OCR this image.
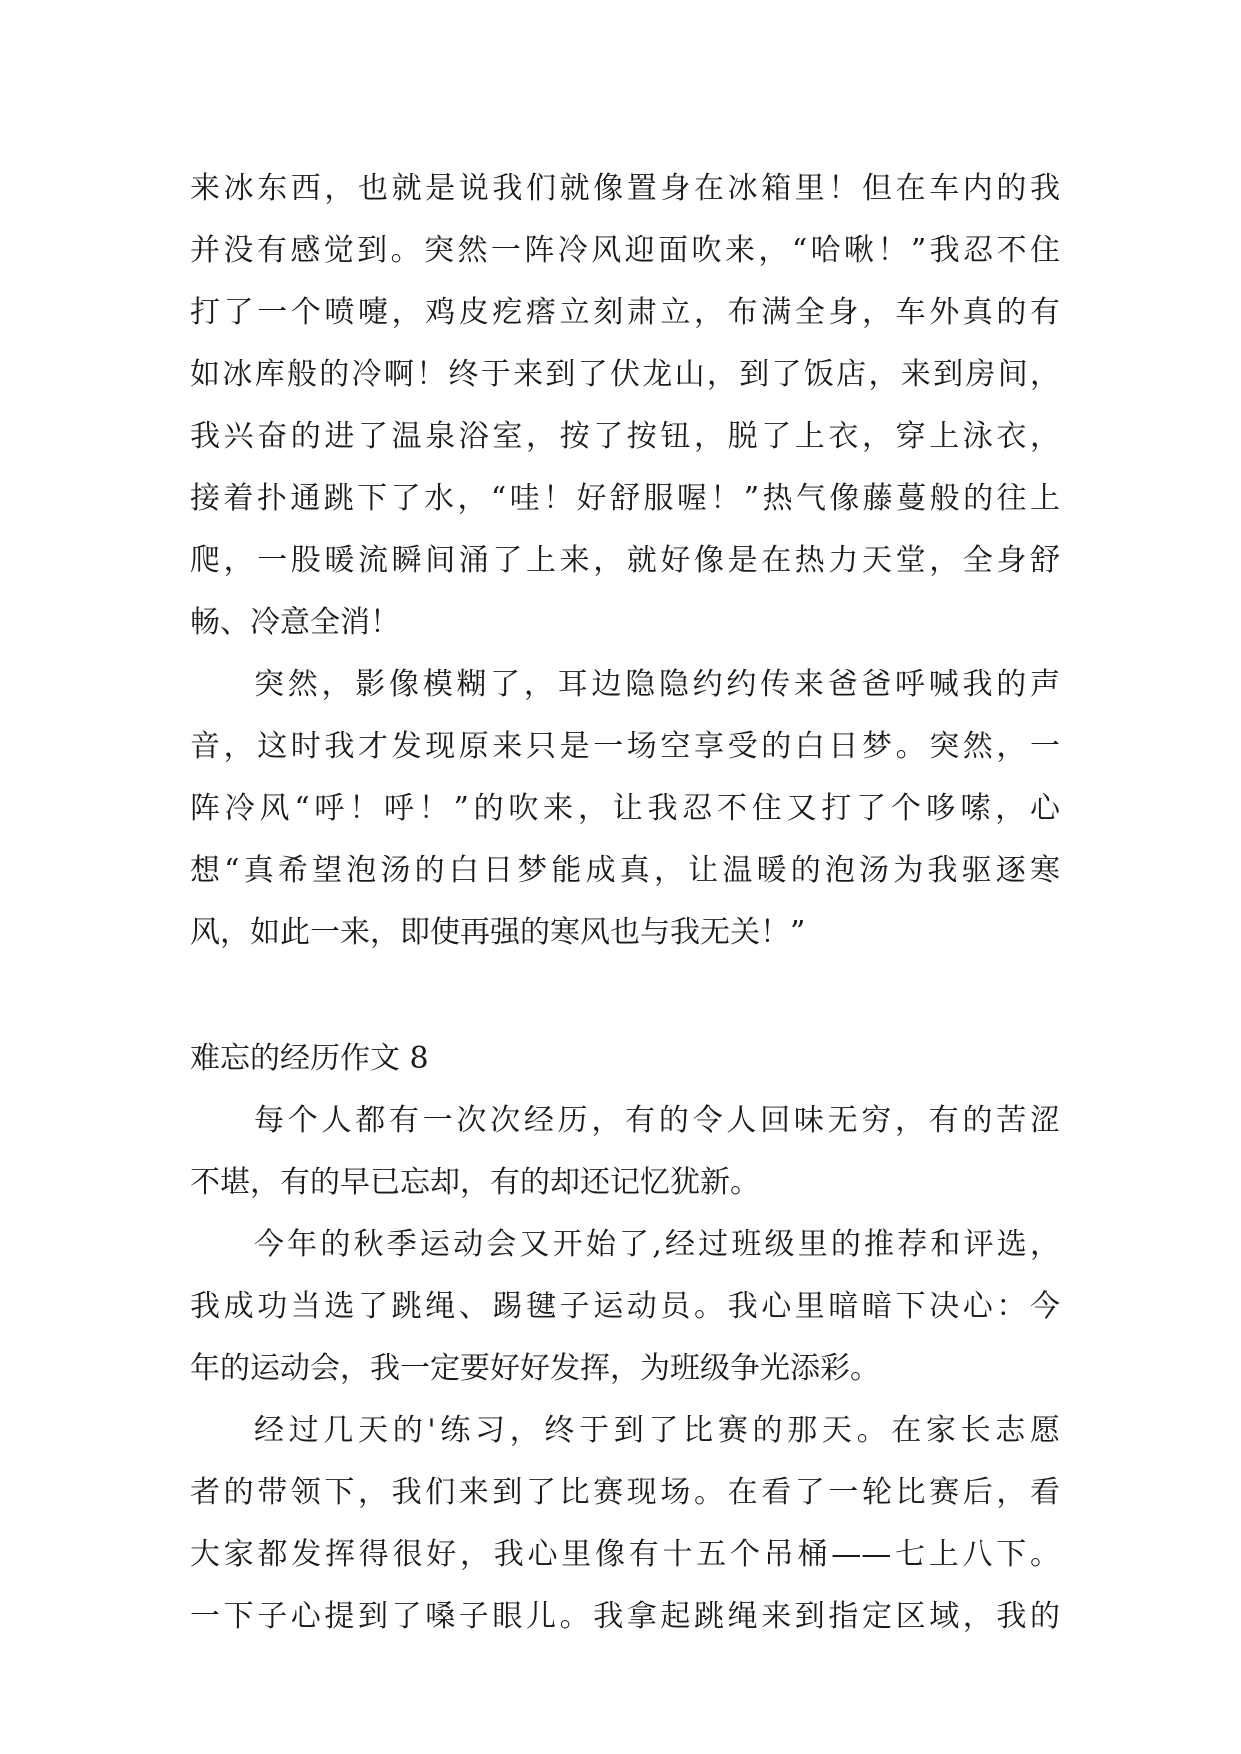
来冰东西，也就是说我们就像置身在冰箱里！但在车内的我
并没有感觉到。突然一阵冷风迎面吹来，“哈啾！”我忍不住
打了一个喷嚏，鸡皮疙瘩立刻肃立，布满全身，车外真的有
如冰库般的冷啊！终于来到了伏龙山，到了饭店，来到房间，
我兴奋的进了温泉浴室，按了按钮，脱了上衣，穿上泳衣，
接着扑通跳下了水，“哇！好舒服喔！”热气像藤蔓般的往上
爬，一股暖流瞬间涌了上来，就好像是在热力天堂，全身舒
畅、冷意全消！
突然，影像模糊了，耳边隐隐约约传来爸爸呼喊我的声
音，这时我才发现原来只是一场空享受的白日梦。突然，一
阵冷风“呼！呼！”的吹来，让我忍不住又打了个哆嗦，心
想“真希望泡汤的白日梦能成真，让温暖的泡汤为我驱逐寒
风，如此一来，即使再强的寒风也与我无关！”
难忘的经历作文 8
每个人都有一次次经历，有的令人回味无穷，有的苦涩
不堪，有的早已忘却，有的却还记忆犹新。
今年的秋季运动会又开始了,经过班级里的推荐和评选，
我成功当选了跳绳、踢毽子运动员。我心里暗暗下决心：今
年的运动会，我一定要好好发挥，为班级争光添彩。
经过几天的'练习，终于到了比赛的那天。在家长志愿
者的带领下，我们来到了比赛现场。在看了一轮比赛后，看
大家都发挥得很好，我心里像有十五个吊桶——七上八下。
一下子心提到了嗓子眼儿。我拿起跳绳来到指定区域，我的
